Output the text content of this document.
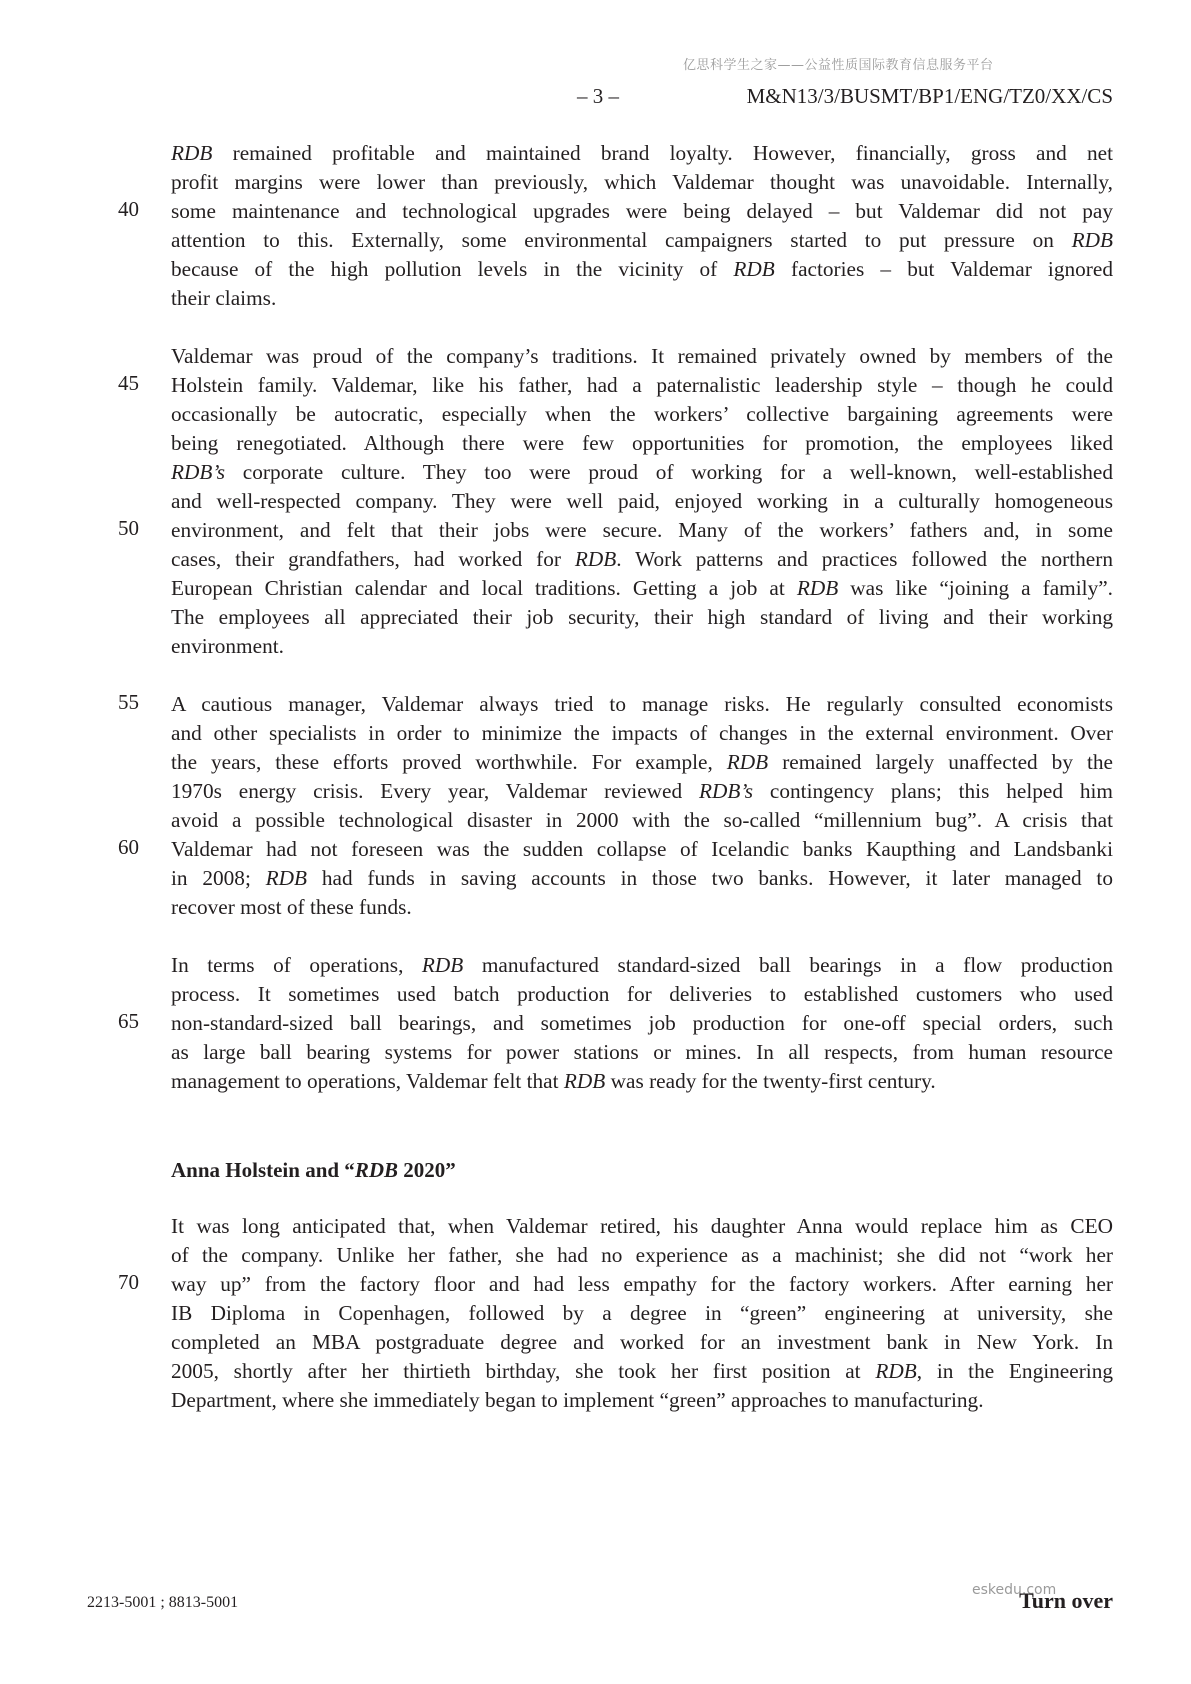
亿思科学生之家——公益性质国际教育信息服务平台
– 3 –	M&N13/3/BUSMT/BP1/ENG/TZ0/XX/CS
40
45
50
55
60
65
70
RDB remained profitable and maintained brand loyalty. However, financially, gross and net
profit margins were lower than previously, which Valdemar thought was unavoidable. Internally,
some maintenance and technological upgrades were being delayed – but Valdemar did not pay
attention to this. Externally, some environmental campaigners started to put pressure on RDB
because of the high pollution levels in the vicinity of RDB factories – but Valdemar ignored
their claims.
Valdemar was proud of the company’s traditions. It remained privately owned by members of the
Holstein family. Valdemar, like his father, had a paternalistic leadership style – though he could
occasionally be autocratic, especially when the workers’ collective bargaining agreements were
being renegotiated. Although there were few opportunities for promotion, the employees liked
RDB’s corporate culture. They too were proud of working for a well-known, well-established
and well-respected company. They were well paid, enjoyed working in a culturally homogeneous
environment, and felt that their jobs were secure. Many of the workers’ fathers and, in some
cases, their grandfathers, had worked for RDB. Work patterns and practices followed the northern
European Christian calendar and local traditions. Getting a job at RDB was like “joining a family”.
The employees all appreciated their job security, their high standard of living and their working
environment.
A cautious manager, Valdemar always tried to manage risks. He regularly consulted economists
and other specialists in order to minimize the impacts of changes in the external environment. Over
the years, these efforts proved worthwhile. For example, RDB remained largely unaffected by the
1970s energy crisis. Every year, Valdemar reviewed RDB’s contingency plans; this helped him
avoid a possible technological disaster in 2000 with the so-called “millennium bug”. A crisis that
Valdemar had not foreseen was the sudden collapse of Icelandic banks Kaupthing and Landsbanki
in 2008; RDB had funds in saving accounts in those two banks. However, it later managed to
recover most of these funds.
In terms of operations, RDB manufactured standard-sized ball bearings in a flow production
process. It sometimes used batch production for deliveries to established customers who used
non-standard-sized ball bearings, and sometimes job production for one-off special orders, such
as large ball bearing systems for power stations or mines. In all respects, from human resource
management to operations, Valdemar felt that RDB was ready for the twenty-first century.
Anna Holstein and “RDB 2020”
It was long anticipated that, when Valdemar retired, his daughter Anna would replace him as CEO
of the company. Unlike her father, she had no experience as a machinist; she did not “work her
way up” from the factory floor and had less empathy for the factory workers. After earning her
IB Diploma in Copenhagen, followed by a degree in “green” engineering at university, she
completed an MBA postgraduate degree and worked for an investment bank in New York. In
2005, shortly after her thirtieth birthday, she took her first position at RDB, in the Engineering
Department, where she immediately began to implement “green” approaches to manufacturing.
2213-5001 ; 8813-5001
eskedu.com
Turn over
